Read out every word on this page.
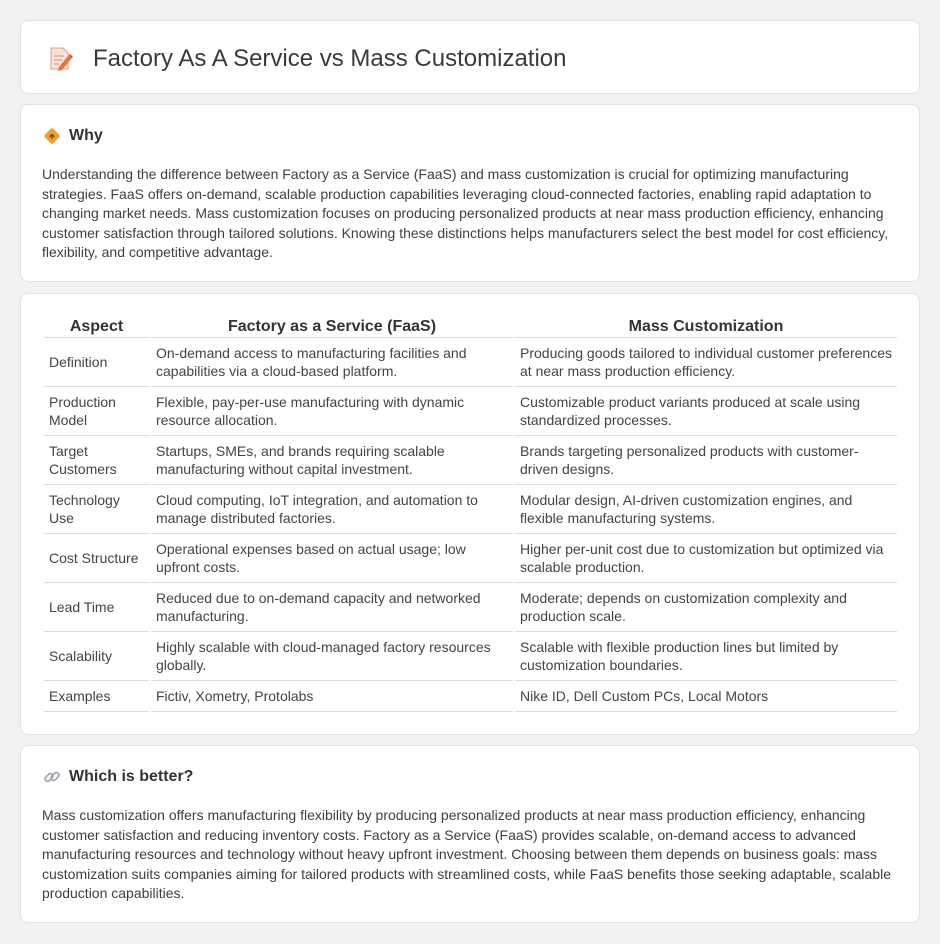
Factory As A Service vs Mass Customization
Why

Understanding the difference between Factory as a Service (FaaS) and mass customization is crucial for optimizing manufacturing strategies. FaaS offers on-demand, scalable production capabilities leveraging cloud-connected factories, enabling rapid adaptation to changing market needs. Mass customization focuses on producing personalized products at near mass production efficiency, enhancing customer satisfaction through tailored solutions. Knowing these distinctions helps manufacturers select the best model for cost efficiency, flexibility, and competitive advantage.

Aspect	Factory as a Service (FaaS)	Mass Customization
Definition	On-demand access to manufacturing facilities and capabilities via a cloud-based platform.	Producing goods tailored to individual customer preferences at near mass production efficiency.
Production Model	Flexible, pay-per-use manufacturing with dynamic resource allocation.	Customizable product variants produced at scale using standardized processes.
Target Customers	Startups, SMEs, and brands requiring scalable manufacturing without capital investment.	Brands targeting personalized products with customer-driven designs.
Technology Use	Cloud computing, IoT integration, and automation to manage distributed factories.	Modular design, AI-driven customization engines, and flexible manufacturing systems.
Cost Structure	Operational expenses based on actual usage; low upfront costs.	Higher per-unit cost due to customization but optimized via scalable production.
Lead Time	Reduced due to on-demand capacity and networked manufacturing.	Moderate; depends on customization complexity and production scale.
Scalability	Highly scalable with cloud-managed factory resources globally.	Scalable with flexible production lines but limited by customization boundaries.
Examples	Fictiv, Xometry, Protolabs	Nike ID, Dell Custom PCs, Local Motors
Which is better?

Mass customization offers manufacturing flexibility by producing personalized products at near mass production efficiency, enhancing customer satisfaction and reducing inventory costs. Factory as a Service (FaaS) provides scalable, on-demand access to advanced manufacturing resources and technology without heavy upfront investment. Choosing between them depends on business goals: mass customization suits companies aiming for tailored products with streamlined costs, while FaaS benefits those seeking adaptable, scalable production capabilities.
